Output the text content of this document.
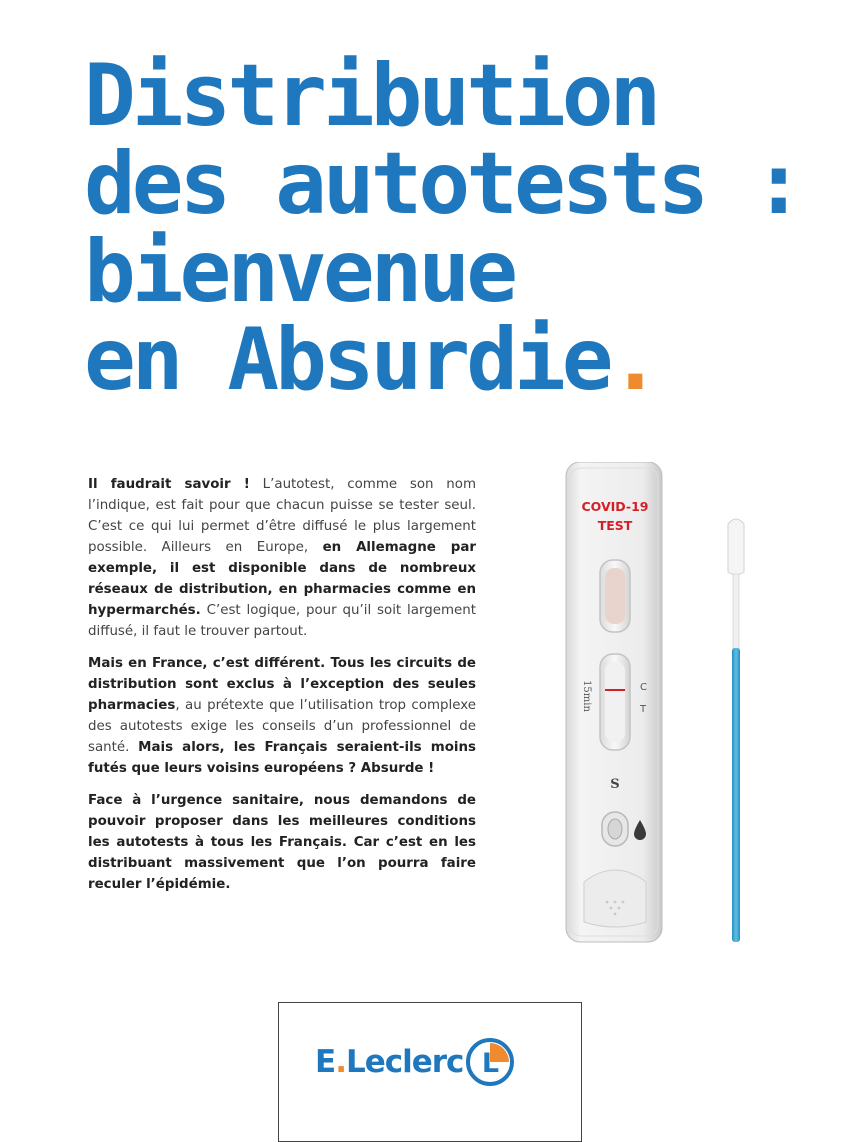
Distribution
des autotests :
bienvenue
en Absurdie.

Il faudrait savoir ! L’autotest, comme son nom l’indique, est fait pour que chacun puisse se tester seul. C’est ce qui lui permet d’être diffusé le plus largement possible. Ailleurs en Europe, en Allemagne par exemple, il est disponible dans de nombreux réseaux de distribution, en pharmacies comme en hypermarchés. C’est logique, pour qu’il soit largement diffusé, il faut le trouver partout.

Mais en France, c’est différent. Tous les circuits de distribution sont exclus à l’exception des seules pharmacies, au prétexte que l’utilisation trop complexe des autotests exige les conseils d’un professionnel de santé. Mais alors, les Français seraient-ils moins futés que leurs voisins européens ? Absurde !

Face à l’urgence sanitaire, nous demandons de pouvoir proposer dans les meilleures conditions les autotests à tous les Français. Car c’est en les distribuant massivement que l’on pourra faire reculer l’épidémie.

COVID-19
TEST
15min	C
T
S
E . Leclerc L
